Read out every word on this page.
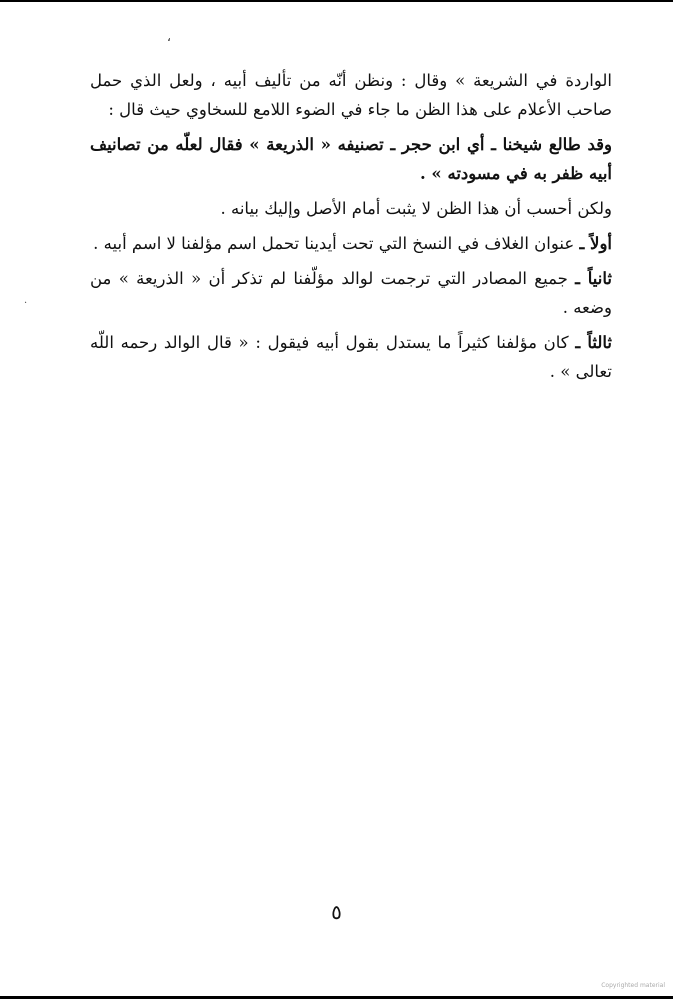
،
·

الواردة في الشريعة » وقال : ونظن أنّه من تأليف أبيه ، ولعل الذي حمل صاحب الأعلام على هذا الظن ما جاء في الضوء اللامع للسخاوي حيث قال :

وقد طالع شيخنا ـ أي ابن حجر ـ تصنيفه « الذريعة » فقال لعلّه من تصانيف أبيه ظفر به في مسودته » .

ولكن أحسب أن هذا الظن لا يثبت أمام الأصل وإليك بيانه .

أولاً ـ عنوان الغلاف في النسخ التي تحت أيدينا تحمل اسم مؤلفنا لا اسم أبيه .

ثانياً ـ جميع المصادر التي ترجمت لوالد مؤلّفنا لم تذكر أن « الذريعة » من وضعه .

ثالثاً ـ كان مؤلفنا كثيراً ما يستدل بقول أبيه فيقول : « قال الوالد رحمه اللّه تعالى » .

٥
Copyrighted material
